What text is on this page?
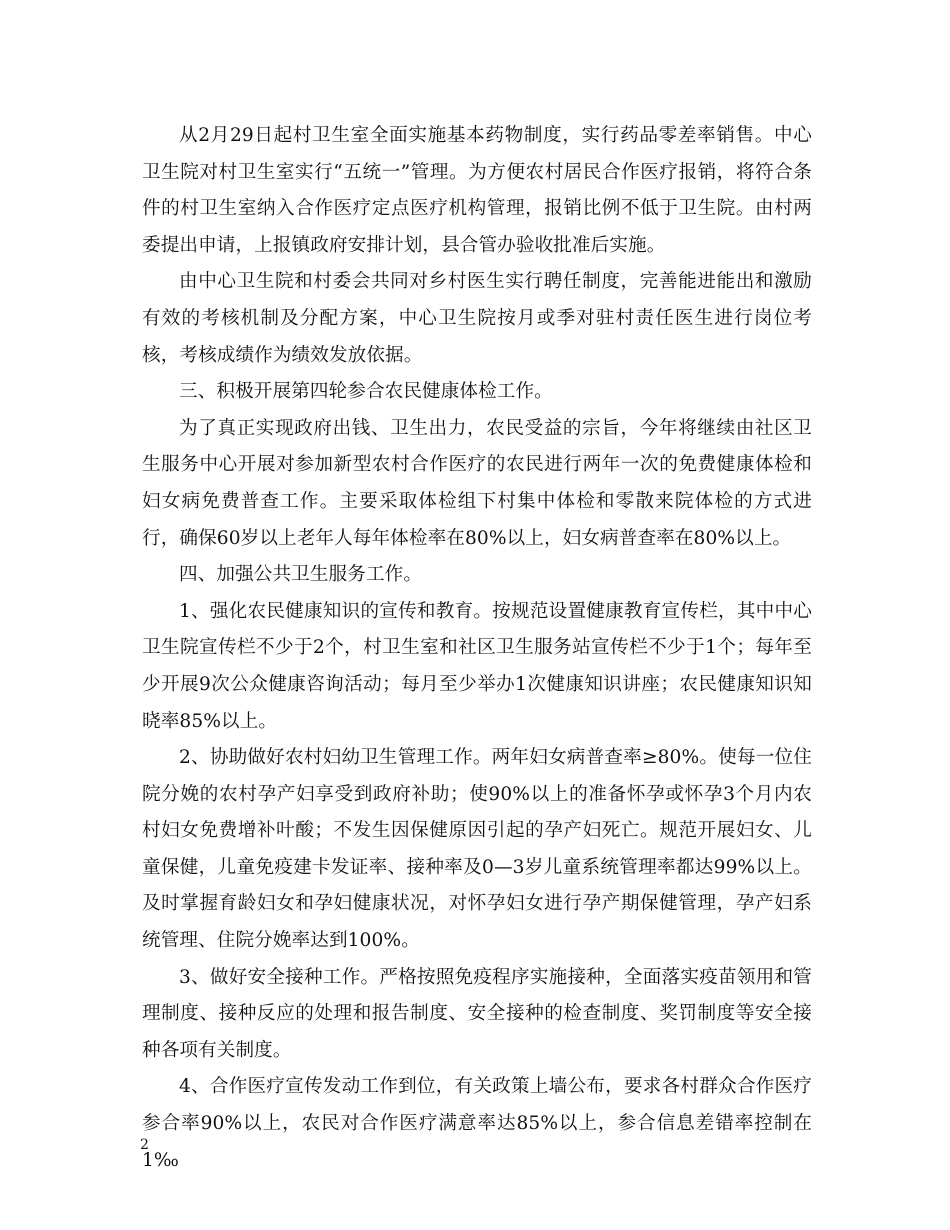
从2月29日起村卫生室全面实施基本药物制度，实行药品零差率销售。中心卫生院对村卫生室实行“五统一”管理。为方便农村居民合作医疗报销，将符合条件的村卫生室纳入合作医疗定点医疗机构管理，报销比例不低于卫生院。由村两委提出申请，上报镇政府安排计划，县合管办验收批准后实施。

由中心卫生院和村委会共同对乡村医生实行聘任制度，完善能进能出和激励有效的考核机制及分配方案，中心卫生院按月或季对驻村责任医生进行岗位考核，考核成绩作为绩效发放依据。

三、积极开展第四轮参合农民健康体检工作。

为了真正实现政府出钱、卫生出力，农民受益的宗旨，今年将继续由社区卫生服务中心开展对参加新型农村合作医疗的农民进行两年一次的免费健康体检和妇女病免费普查工作。主要采取体检组下村集中体检和零散来院体检的方式进行，确保60岁以上老年人每年体检率在80%以上，妇女病普查率在80%以上。

四、加强公共卫生服务工作。

1、强化农民健康知识的宣传和教育。按规范设置健康教育宣传栏，其中中心卫生院宣传栏不少于2个，村卫生室和社区卫生服务站宣传栏不少于1个；每年至少开展9次公众健康咨询活动；每月至少举办1次健康知识讲座；农民健康知识知晓率85%以上。

2、协助做好农村妇幼卫生管理工作。两年妇女病普查率≥80%。使每一位住院分娩的农村孕产妇享受到政府补助；使90%以上的准备怀孕或怀孕3个月内农村妇女免费增补叶酸；不发生因保健原因引起的孕产妇死亡。规范开展妇女、儿童保健，儿童免疫建卡发证率、接种率及0—3岁儿童系统管理率都达99%以上。及时掌握育龄妇女和孕妇健康状况，对怀孕妇女进行孕产期保健管理，孕产妇系统管理、住院分娩率达到100%。

3、做好安全接种工作。严格按照免疫程序实施接种，全面落实疫苗领用和管理制度、接种反应的处理和报告制度、安全接种的检查制度、奖罚制度等安全接种各项有关制度。

4、合作医疗宣传发动工作到位，有关政策上墙公布，要求各村群众合作医疗参合率90%以上，农民对合作医疗满意率达85%以上，参合信息差错率控制在1‰

2
